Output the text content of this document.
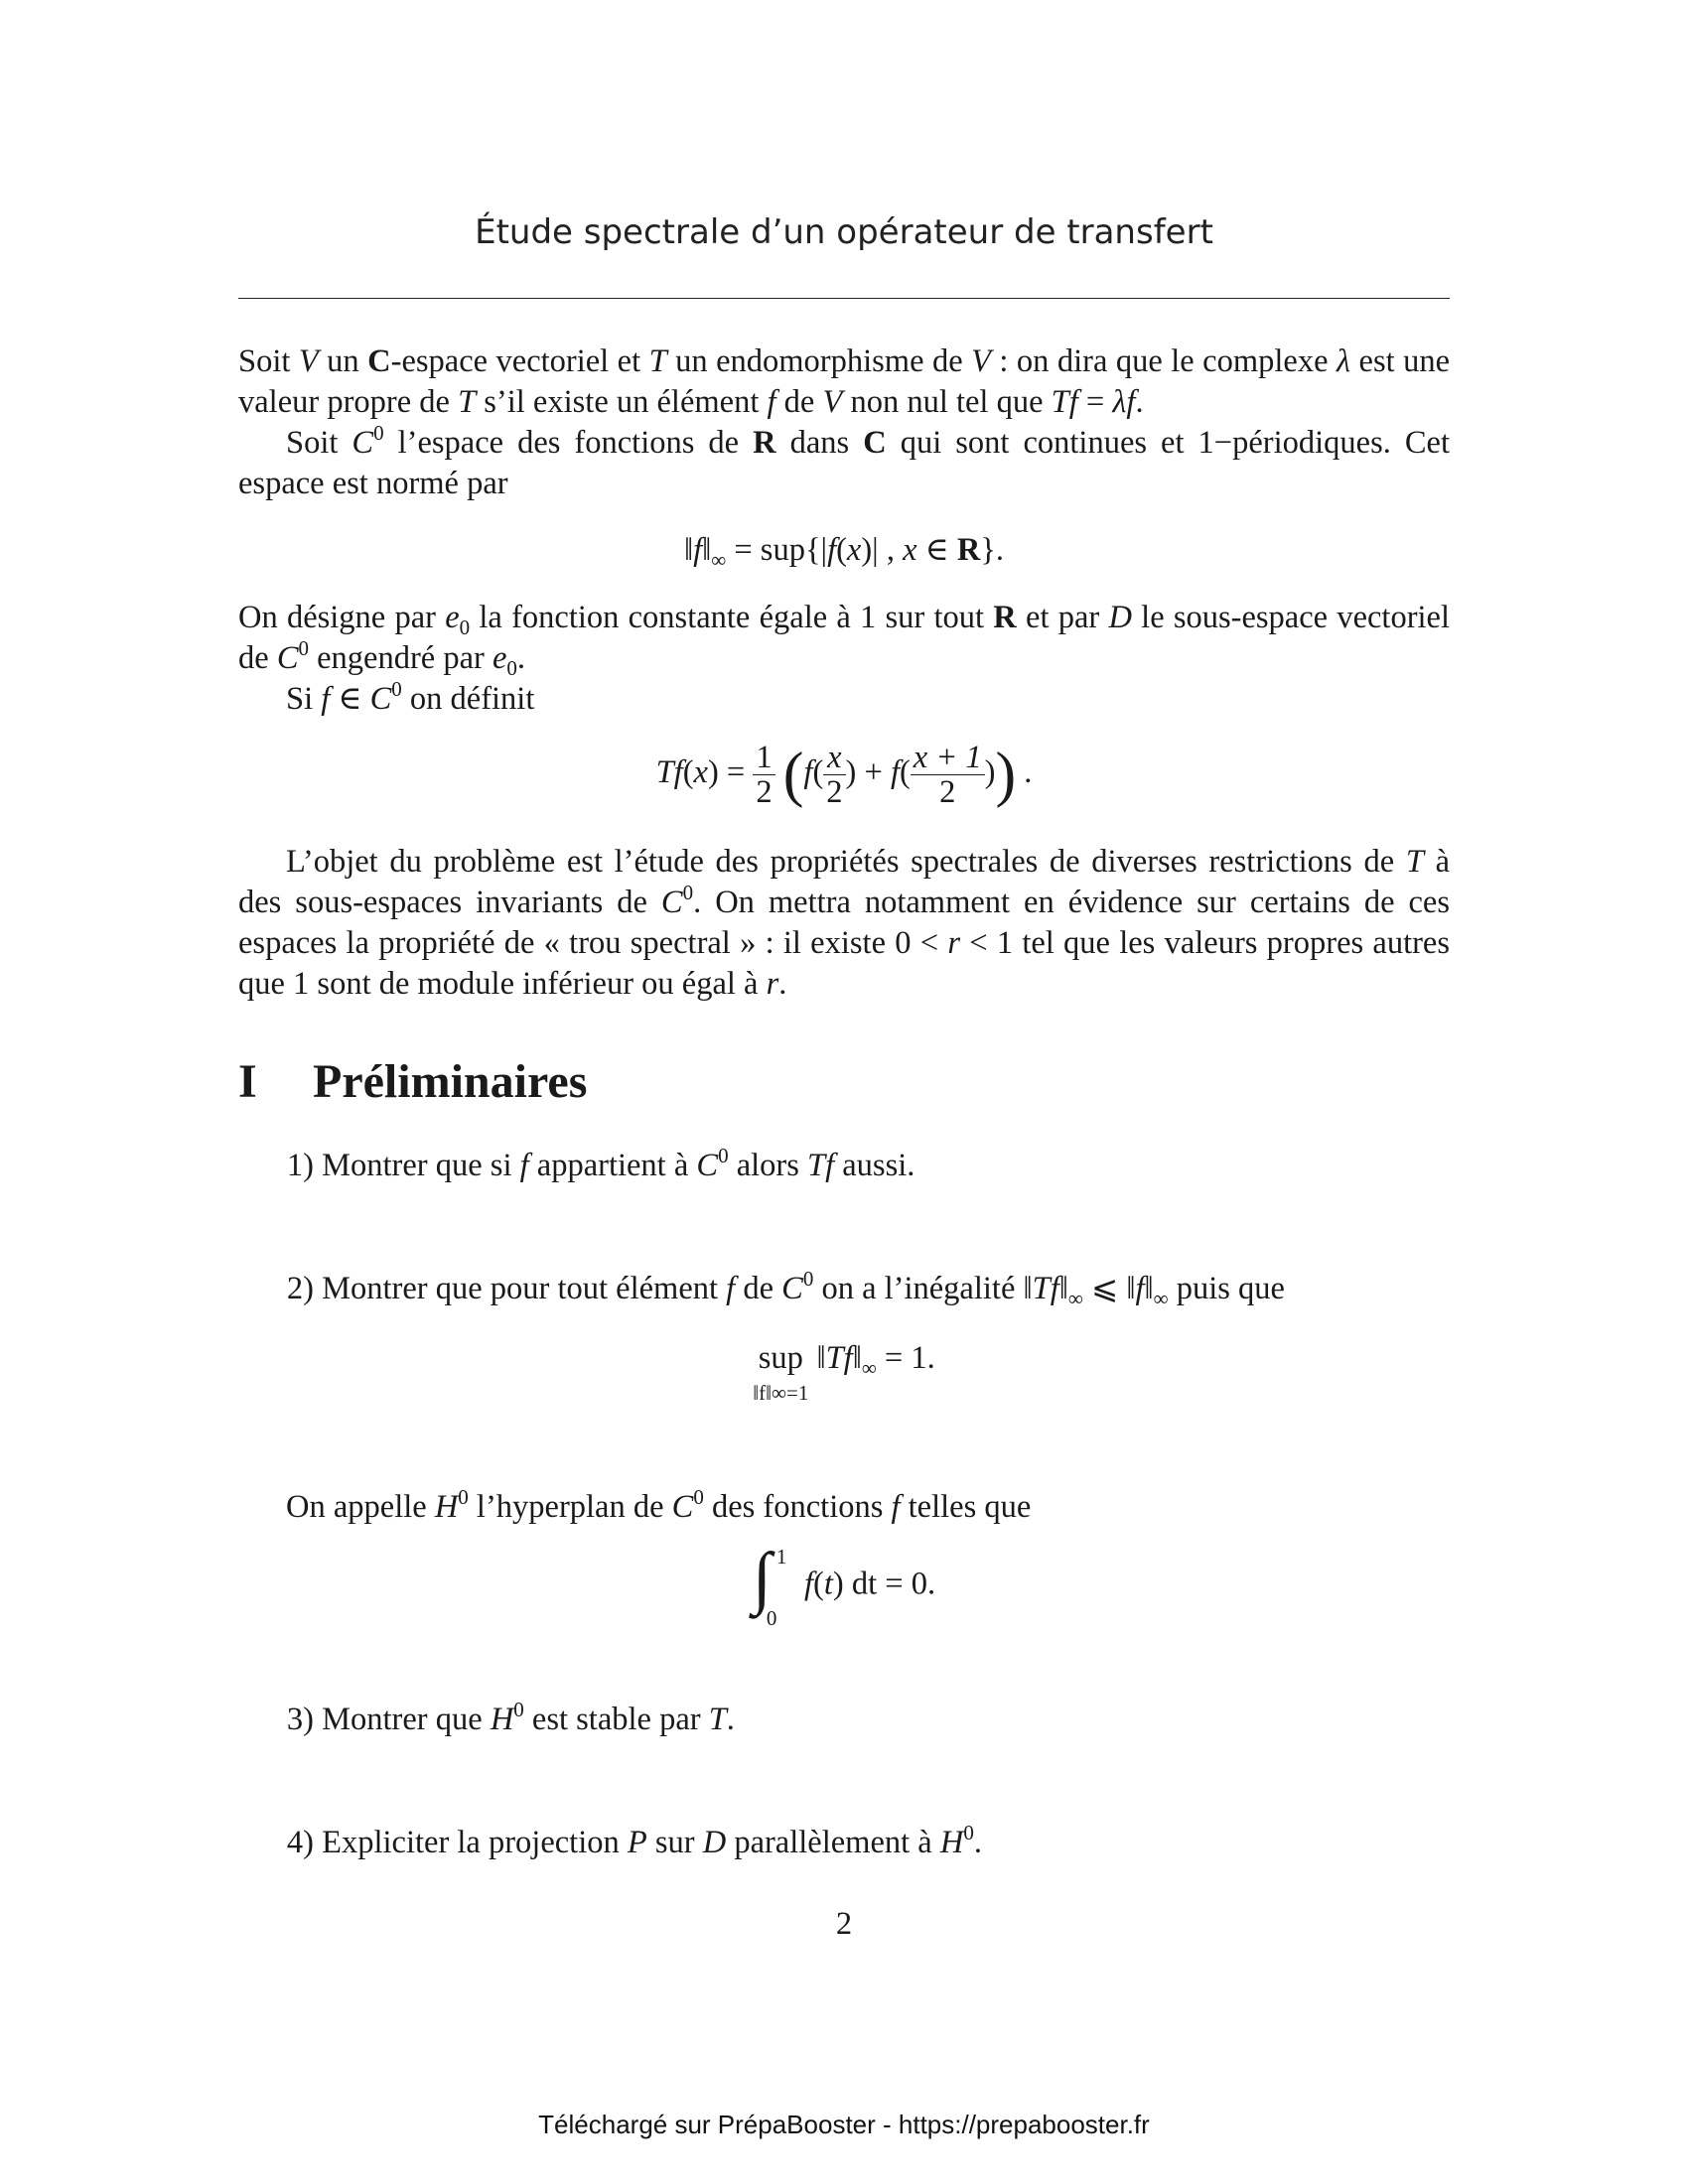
Étude spectrale d’un opérateur de transfert

Soit V un C-espace vectoriel et T un endomorphisme de V : on dira que le complexe λ est une valeur propre de T s’il existe un élément f de V non nul tel que Tf = λf.

Soit $C^0$ l’espace des fonctions de R dans C qui sont continues et 1−périodiques. Cet espace est normé par

$‖f‖_\infty = sup\{|f(x)|$ , x ∈ R}.

On désigne par $e_0$ la fonction constante égale à 1 sur tout R et par D le sous-espace vectoriel de $C^0$ engendré par $e_0$.

Si f ∈ $C^0$ on définit

$Tf(x) = \frac{1}{2} (f( \frac{x}{2}$ ) + $f( \frac{x + 1}{2}$ )) .

L’objet du problème est l’étude des propriétés spectrales de diverses restrictions de T à des sous-espaces invariants de $C^0$. On mettra notamment en évidence sur certains de ces espaces la propriété de « trou spectral » : il existe 0 < r < 1 tel que les valeurs propres autres que 1 sont de module inférieur ou égal à r.

I Préliminaires
1) Montrer que si f appartient à $C^0$ alors Tf aussi.
2) Montrer que pour tout élément f de $C^0$ on a l’inégalité $‖Tf‖_\infty$ ⩽ $‖f‖_\infty$ puis que
sup
‖f‖∞=1
$‖Tf‖_\infty = 1$.

On appelle $H^0$ l’hyperplan de $C^0$ des fonctions f telles que

∫ 1
0
f(t) dt = 0.
3) Montrer que $H^0$ est stable par T.
4) Expliciter la projection P sur D parallèlement à $H^0$.
2
Téléchargé sur PrépaBooster - https://prepabooster.fr
